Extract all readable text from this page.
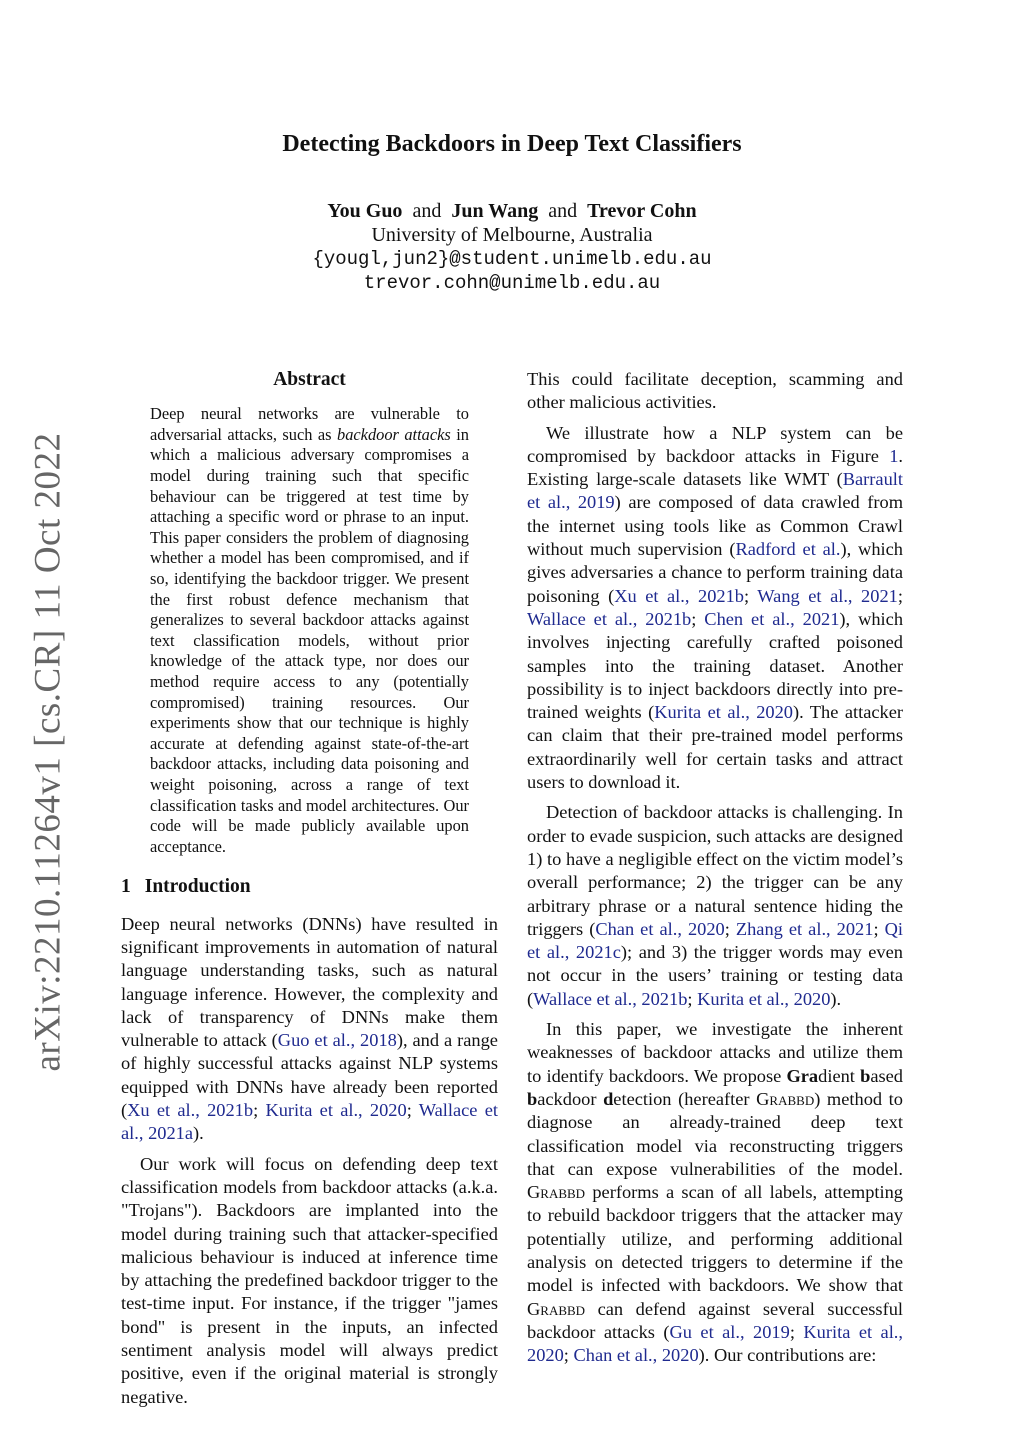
arXiv:2210.11264v1 [cs.CR] 11 Oct 2022
Detecting Backdoors in Deep Text Classifiers
You Guo and Jun Wang and Trevor Cohn
University of Melbourne, Australia
{yougl,jun2}@student.unimelb.edu.au
trevor.cohn@unimelb.edu.au
Abstract

Deep neural networks are vulnerable to adversarial attacks, such as backdoor attacks in which a malicious adversary compromises a model during training such that specific behaviour can be triggered at test time by attaching a specific word or phrase to an input. This paper considers the problem of diagnosing whether a model has been compromised, and if so, identifying the backdoor trigger. We present the first robust defence mechanism that generalizes to several backdoor attacks against text classification models, without prior knowledge of the attack type, nor does our method require access to any (potentially compromised) training resources. Our experiments show that our technique is highly accurate at defending against state-of-the-art backdoor attacks, including data poisoning and weight poisoning, across a range of text classification tasks and model architectures. Our code will be made publicly available upon acceptance.

1 Introduction

Deep neural networks (DNNs) have resulted in significant improvements in automation of natural language understanding tasks, such as natural language inference. However, the complexity and lack of transparency of DNNs make them vulnerable to attack (Guo et al., 2018), and a range of highly successful attacks against NLP systems equipped with DNNs have already been reported (Xu et al., 2021b; Kurita et al., 2020; Wallace et al., 2021a).

Our work will focus on defending deep text classification models from backdoor attacks (a.k.a. "Trojans"). Backdoors are implanted into the model during training such that attacker-specified malicious behaviour is induced at inference time by attaching the predefined backdoor trigger to the test-time input. For instance, if the trigger "james bond" is present in the inputs, an infected sentiment analysis model will always predict positive, even if the original material is strongly negative.

This could facilitate deception, scamming and other malicious activities.

We illustrate how a NLP system can be compromised by backdoor attacks in Figure 1. Existing large-scale datasets like WMT (Barrault et al., 2019) are composed of data crawled from the internet using tools like as Common Crawl without much supervision (Radford et al.), which gives adversaries a chance to perform training data poisoning (Xu et al., 2021b; Wang et al., 2021; Wallace et al., 2021b; Chen et al., 2021), which involves injecting carefully crafted poisoned samples into the training dataset. Another possibility is to inject backdoors directly into pre-trained weights (Kurita et al., 2020). The attacker can claim that their pre-trained model performs extraordinarily well for certain tasks and attract users to download it.

Detection of backdoor attacks is challenging. In order to evade suspicion, such attacks are designed 1) to have a negligible effect on the victim model’s overall performance; 2) the trigger can be any arbitrary phrase or a natural sentence hiding the triggers (Chan et al., 2020; Zhang et al., 2021; Qi et al., 2021c); and 3) the trigger words may even not occur in the users’ training or testing data (Wallace et al., 2021b; Kurita et al., 2020).

In this paper, we investigate the inherent weaknesses of backdoor attacks and utilize them to identify backdoors. We propose Gradient based backdoor detection (hereafter Grabbd) method to diagnose an already-trained deep text classification model via reconstructing triggers that can expose vulnerabilities of the model. Grabbd performs a scan of all labels, attempting to rebuild backdoor triggers that the attacker may potentially utilize, and performing additional analysis on detected triggers to determine if the model is infected with backdoors. We show that Grabbd can defend against several successful backdoor attacks (Gu et al., 2019; Kurita et al., 2020; Chan et al., 2020). Our contributions are:
